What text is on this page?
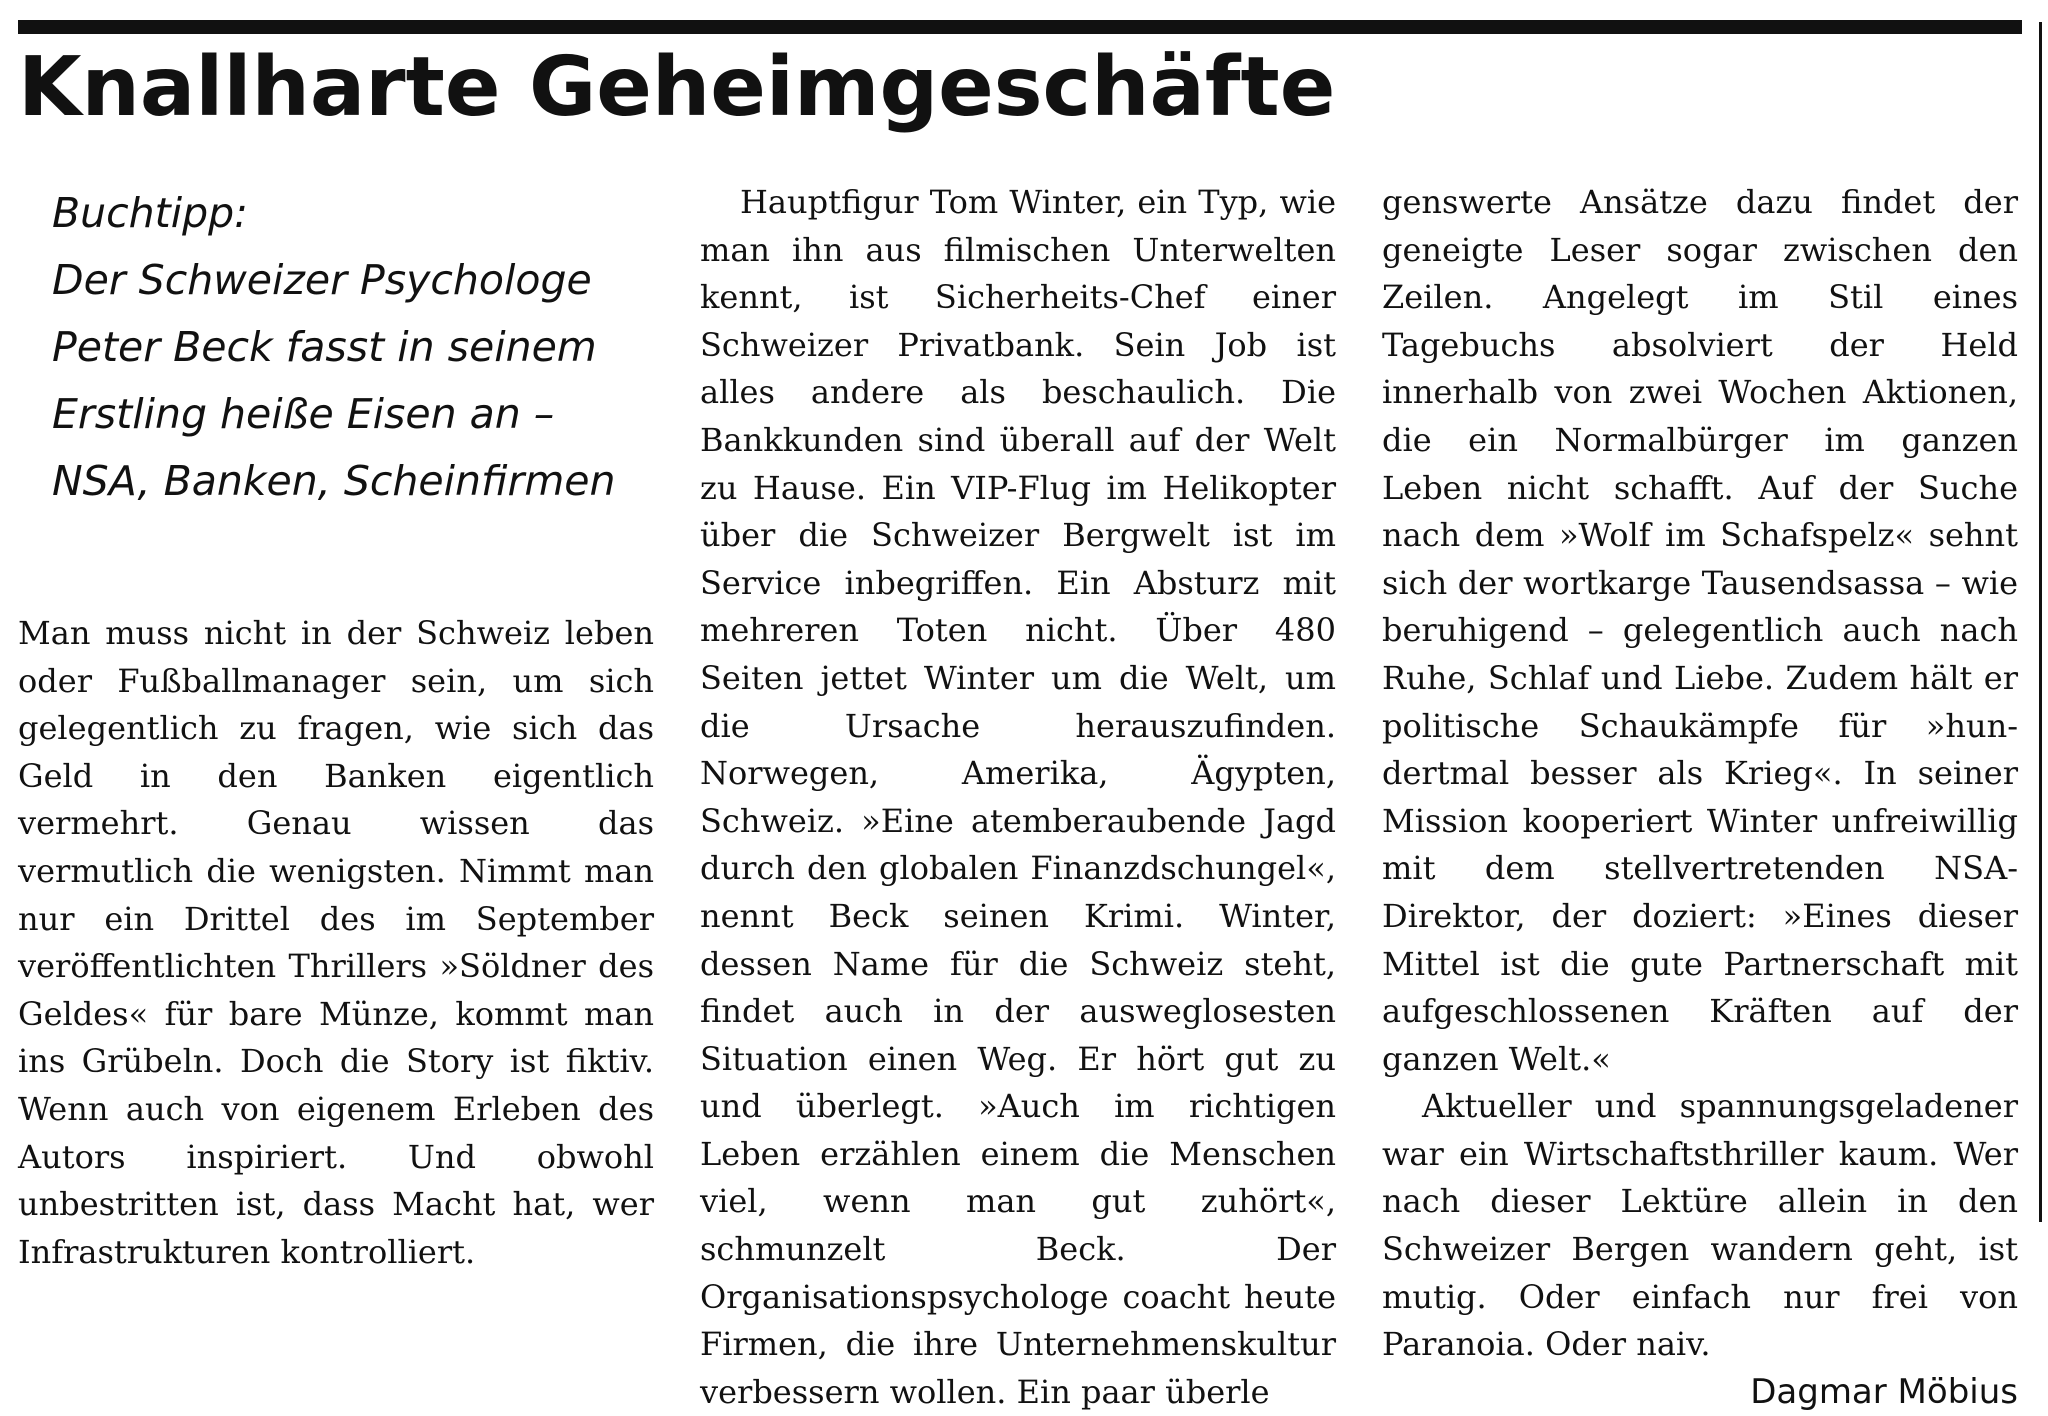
Knallharte Geheimgeschäfte
Buchtipp:
Der Schweizer Psychologe
Peter Beck fasst in seinem
Erstling heiße Eisen an –
NSA, Banken, Scheinfirmen

Man muss nicht in der Schweiz leben oder Fußballmanager sein, um sich gelegentlich zu fragen, wie sich das Geld in den Banken eigentlich vermehrt. Genau wissen das vermutlich die wenigsten. Nimmt man nur ein Drittel des im September veröffentlichten Thrillers »Söldner des Geldes« für bare Münze, kommt man ins Grübeln. Doch die Story ist fiktiv. Wenn auch von eigenem Erleben des Autors inspiriert. Und obwohl unbestritten ist, dass Macht hat, wer Infrastrukturen kontrolliert.

Hauptfigur Tom Winter, ein Typ, wie man ihn aus filmischen Unterwelten kennt, ist Sicherheits-Chef einer Schweizer Privatbank. Sein Job ist alles andere als beschaulich. Die Bankkunden sind überall auf der Welt zu Hause. Ein VIP-Flug im Helikopter über die Schweizer Bergwelt ist im Service inbegriffen. Ein Absturz mit mehreren Toten nicht. Über 480 Seiten jettet Winter um die Welt, um die Ursache herauszufinden. Norwegen, Amerika, Ägypten, Schweiz. »Eine atemberaubende Jagd durch den globalen Finanzdschungel«, nennt Beck seinen Krimi. Winter, dessen Name für die Schweiz steht, findet auch in der ausweglosesten Situation einen Weg. Er hört gut zu und überlegt. »Auch im richtigen Leben erzählen einem die Menschen viel, wenn man gut zuhört«, schmunzelt Beck. Der Organisationspsychologe coacht heute Firmen, die ihre Unternehmenskultur verbessern wollen. Ein paar überle

genswerte Ansätze dazu findet der geneigte Leser sogar zwischen den Zeilen. Angelegt im Stil eines Tagebuchs absolviert der Held innerhalb von zwei Wochen Aktionen, die ein Normalbürger im ganzen Leben nicht schafft. Auf der Suche nach dem »Wolf im Schafspelz« sehnt sich der wortkarge Tausendsassa – wie beruhigend – gelegentlich auch nach Ruhe, Schlaf und Liebe. Zudem hält er politische Schaukämpfe für »hundertmal besser als Krieg«. In seiner Mission kooperiert Winter unfreiwillig mit dem stellvertretenden NSA-Direktor, der doziert: »Eines dieser Mittel ist die gute Partnerschaft mit aufgeschlossenen Kräften auf der ganzen Welt.«

Aktueller und spannungsgeladener war ein Wirtschaftsthriller kaum. Wer nach dieser Lektüre allein in den Schweizer Bergen wandern geht, ist mutig. Oder einfach nur frei von Paranoia. Oder naiv.

Dagmar Möbius
